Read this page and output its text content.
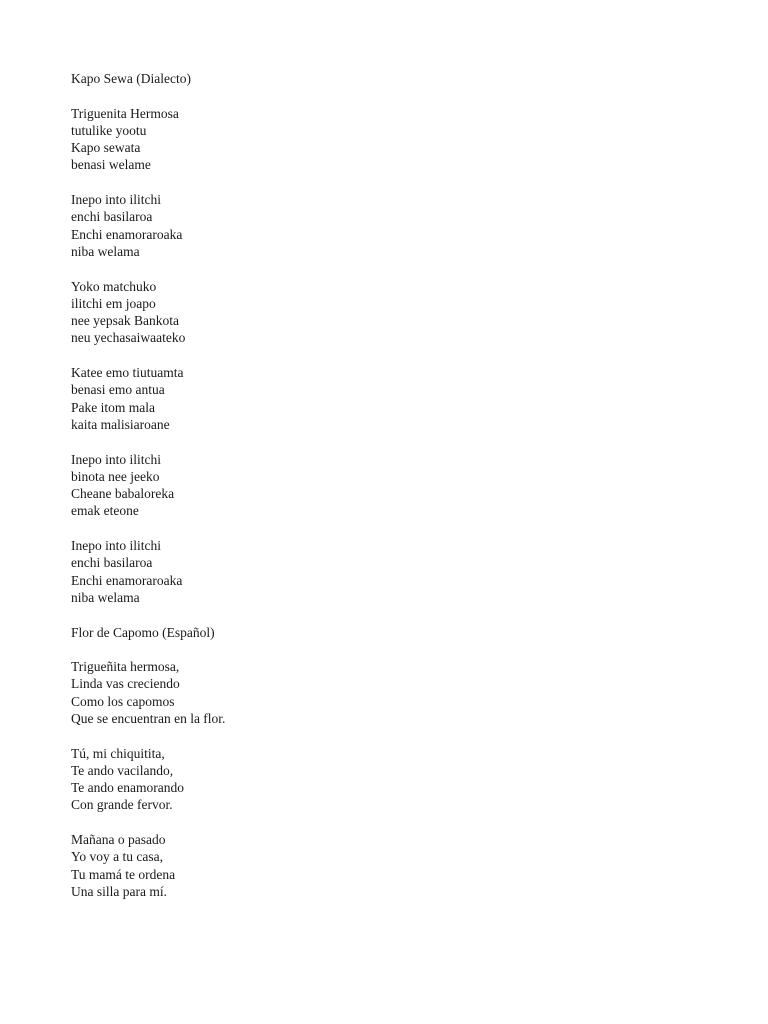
Kapo Sewa (Dialecto)
Triguenita Hermosa
tutulike yootu
Kapo sewata
benasi welame
Inepo into ilitchi
enchi basilaroa
Enchi enamoraroaka
niba welama
Yoko matchuko
ilitchi em joapo
nee yepsak Bankota
neu yechasaiwaateko
Katee emo tiutuamta
benasi emo antua
Pake itom mala
kaita malisiaroane
Inepo into ilitchi
binota nee jeeko
Cheane babaloreka
emak eteone
Inepo into ilitchi
enchi basilaroa
Enchi enamoraroaka
niba welama
Flor de Capomo (Español)
Trigueñita hermosa,
Linda vas creciendo
Como los capomos
Que se encuentran en la flor.
Tú, mi chiquitita,
Te ando vacilando,
Te ando enamorando
Con grande fervor.
Mañana o pasado
Yo voy a tu casa,
Tu mamá te ordena
Una silla para mí.
